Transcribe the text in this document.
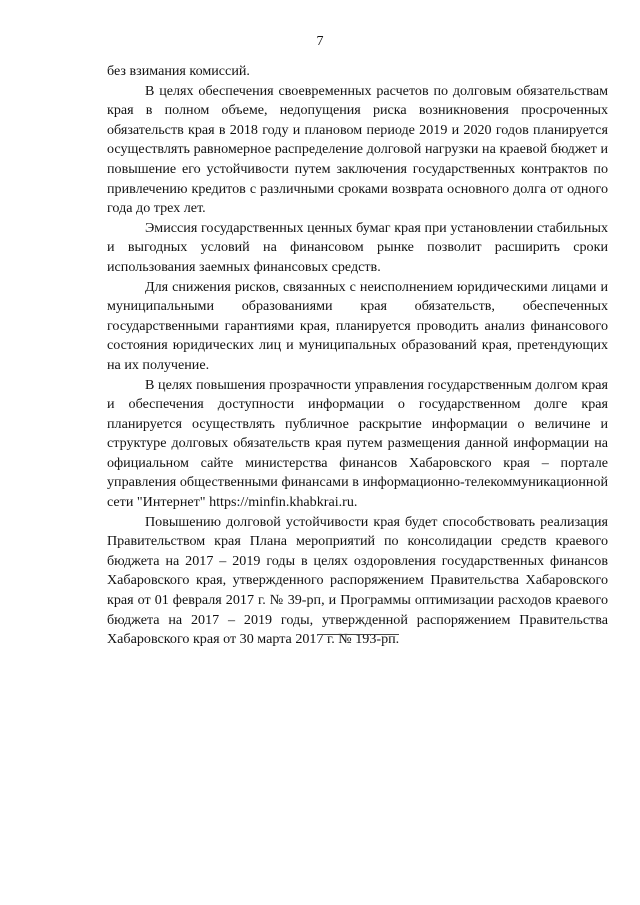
7

без взимания комиссий.

В целях обеспечения своевременных расчетов по долговым обязательствам края в полном объеме, недопущения риска возникновения просроченных обязательств края в 2018 году и плановом периоде 2019 и 2020 годов планируется осуществлять равномерное распределение долговой нагрузки на краевой бюджет и повышение его устойчивости путем заключения государственных контрактов по привлечению кредитов с различными сроками возврата основного долга от одного года до трех лет.

Эмиссия государственных ценных бумаг края при установлении стабильных и выгодных условий на финансовом рынке позволит расширить сроки использования заемных финансовых средств.

Для снижения рисков, связанных с неисполнением юридическими лицами и муниципальными образованиями края обязательств, обеспеченных государственными гарантиями края, планируется проводить анализ финансового состояния юридических лиц и муниципальных образований края, претендующих на их получение.

В целях повышения прозрачности управления государственным долгом края и обеспечения доступности информации о государственном долге края планируется осуществлять публичное раскрытие информации о величине и структуре долговых обязательств края путем размещения данной информации на официальном сайте министерства финансов Хабаровского края – портале управления общественными финансами в информационно-телекоммуникационной сети "Интернет" https://minfin.khabkrai.ru.

Повышению долговой устойчивости края будет способствовать реализация Правительством края Плана мероприятий по консолидации средств краевого бюджета на 2017 – 2019 годы в целях оздоровления государственных финансов Хабаровского края, утвержденного распоряжением Правительства Хабаровского края от 01 февраля 2017 г. № 39-рп, и Программы оптимизации расходов краевого бюджета на 2017 – 2019 годы, утвержденной распоряжением Правительства Хабаровского края от 30 марта 2017 г. № 193-рп.
